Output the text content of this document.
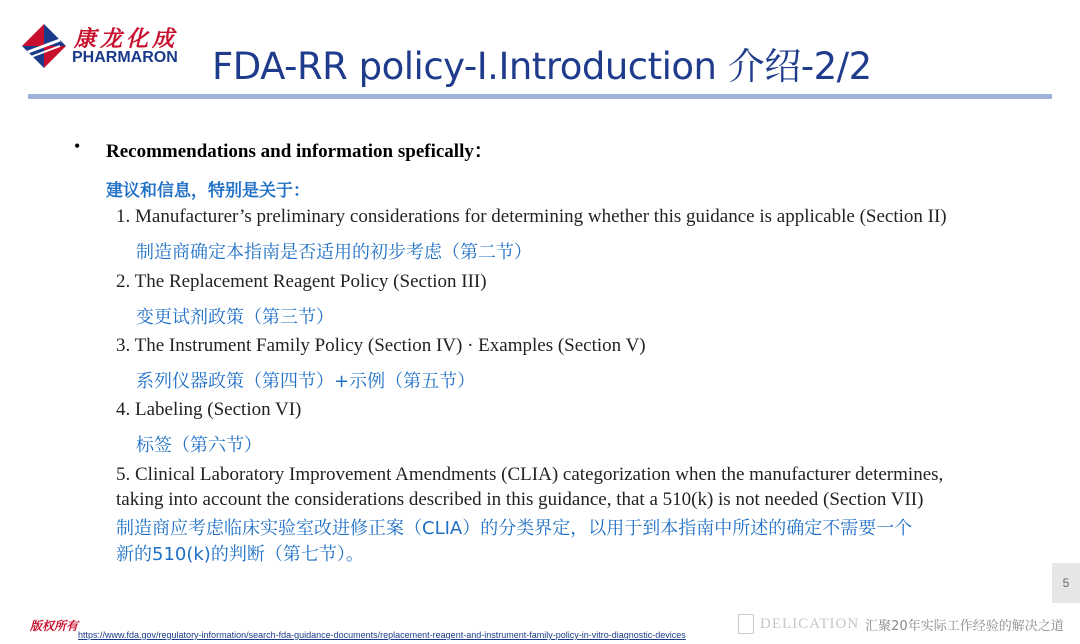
康龙化成
PHARMARON FDA-RR policy-I.Introduction 介绍-2/2
• Recommendations and information spefically：
建议和信息，特别是关于：
1. Manufacturer’s preliminary considerations for determining whether this guidance is applicable (Section II)
制造商确定本指南是否适用的初步考虑（第二节）
2. The Replacement Reagent Policy (Section III)
变更试剂政策（第三节）
3. The Instrument Family Policy (Section IV) · Examples (Section V)
系列仪器政策（第四节）+示例（第五节）
4. Labeling (Section VI)
标签（第六节）
5. Clinical Laboratory Improvement Amendments (CLIA) categorization when the manufacturer determines,
taking into account the considerations described in this guidance, that a 510(k) is not needed (Section VII)
制造商应考虑临床实验室改进修正案（CLIA）的分类界定，以用于到本指南中所述的确定不需要一个
新的510(k)的判断（第七节）。
5
版权所有
https://www.fda.gov/regulatory-information/search-fda-guidance-documents/replacement-reagent-and-instrument-family-policy-in-vitro-diagnostic-devices
DELICATION 汇聚20年实际工作经验的解决之道
